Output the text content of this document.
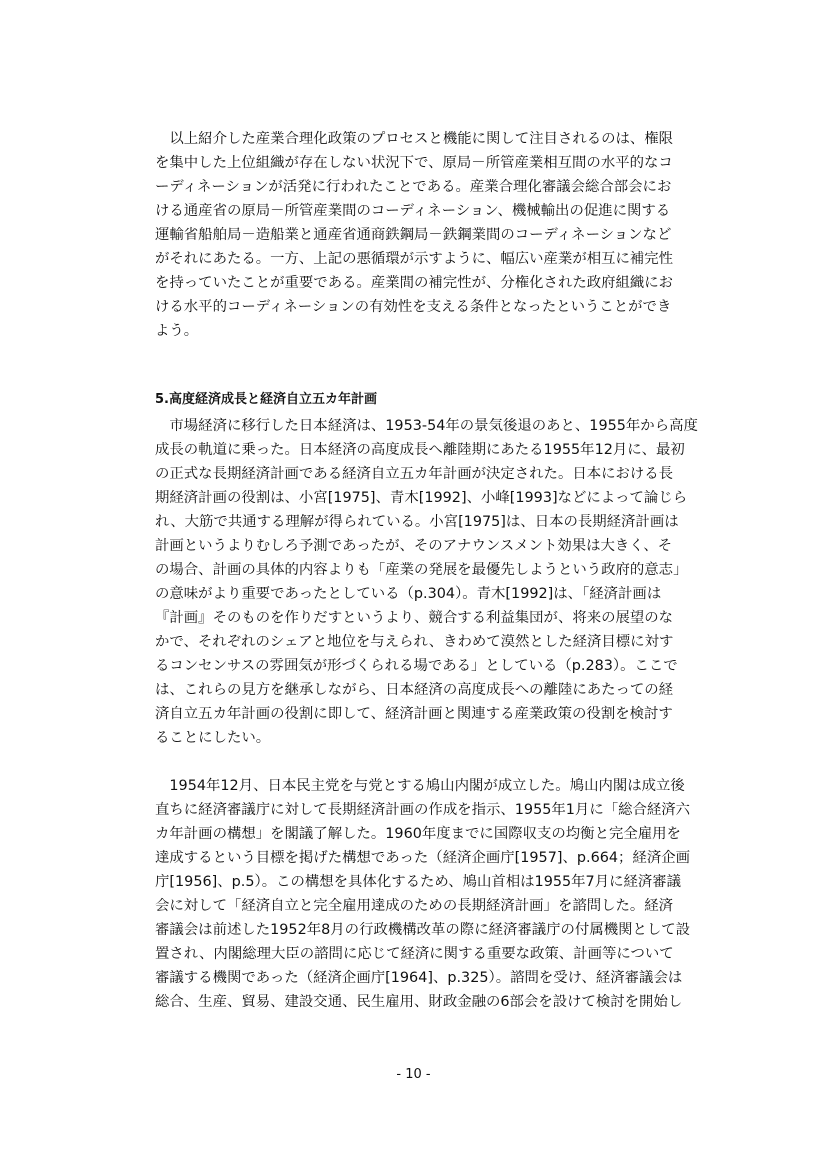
　以上紹介した産業合理化政策のプロセスと機能に関して注目されるのは、権限
を集中した上位組織が存在しない状況下で、原局－所管産業相互間の水平的なコ
ーディネーションが活発に行われたことである。産業合理化審議会総合部会にお
ける通産省の原局－所管産業間のコーディネーション、機械輸出の促進に関する
運輸省船舶局－造船業と通産省通商鉄鋼局－鉄鋼業間のコーディネーションなど
がそれにあたる。一方、上記の悪循環が示すように、幅広い産業が相互に補完性
を持っていたことが重要である。産業間の補完性が、分権化された政府組織にお
ける水平的コーディネーションの有効性を支える条件となったということができ
よう。
5.高度経済成長と経済自立五カ年計画
　市場経済に移行した日本経済は、1953-54年の景気後退のあと、1955年から高度
成長の軌道に乗った。日本経済の高度成長へ離陸期にあたる1955年12月に、最初
の正式な長期経済計画である経済自立五カ年計画が決定された。日本における長
期経済計画の役割は、小宮[1975]、青木[1992]、小峰[1993]などによって論じら
れ、大筋で共通する理解が得られている。小宮[1975]は、日本の長期経済計画は
計画というよりむしろ予測であったが、そのアナウンスメント効果は大きく、そ
の場合、計画の具体的内容よりも「産業の発展を最優先しようという政府的意志」
の意味がより重要であったとしている（p.304）。青木[1992]は、「経済計画は
『計画』そのものを作りだすというより、競合する利益集団が、将来の展望のな
かで、それぞれのシェアと地位を与えられ、きわめて漠然とした経済目標に対す
るコンセンサスの雰囲気が形づくられる場である」としている（p.283）。ここで
は、これらの見方を継承しながら、日本経済の高度成長への離陸にあたっての経
済自立五カ年計画の役割に即して、経済計画と関連する産業政策の役割を検討す
ることにしたい。
　1954年12月、日本民主党を与党とする鳩山内閣が成立した。鳩山内閣は成立後
直ちに経済審議庁に対して長期経済計画の作成を指示、1955年1月に「総合経済六
カ年計画の構想」を閣議了解した。1960年度までに国際収支の均衡と完全雇用を
達成するという目標を掲げた構想であった（経済企画庁[1957]、p.664；経済企画
庁[1956]、p.5）。この構想を具体化するため、鳩山首相は1955年7月に経済審議
会に対して「経済自立と完全雇用達成のための長期経済計画」を諮問した。経済
審議会は前述した1952年8月の行政機構改革の際に経済審議庁の付属機関として設
置され、内閣総理大臣の諮問に応じて経済に関する重要な政策、計画等について
審議する機関であった（経済企画庁[1964]、p.325）。諮問を受け、経済審議会は
総合、生産、貿易、建設交通、民生雇用、財政金融の6部会を設けて検討を開始し
- 10 -
